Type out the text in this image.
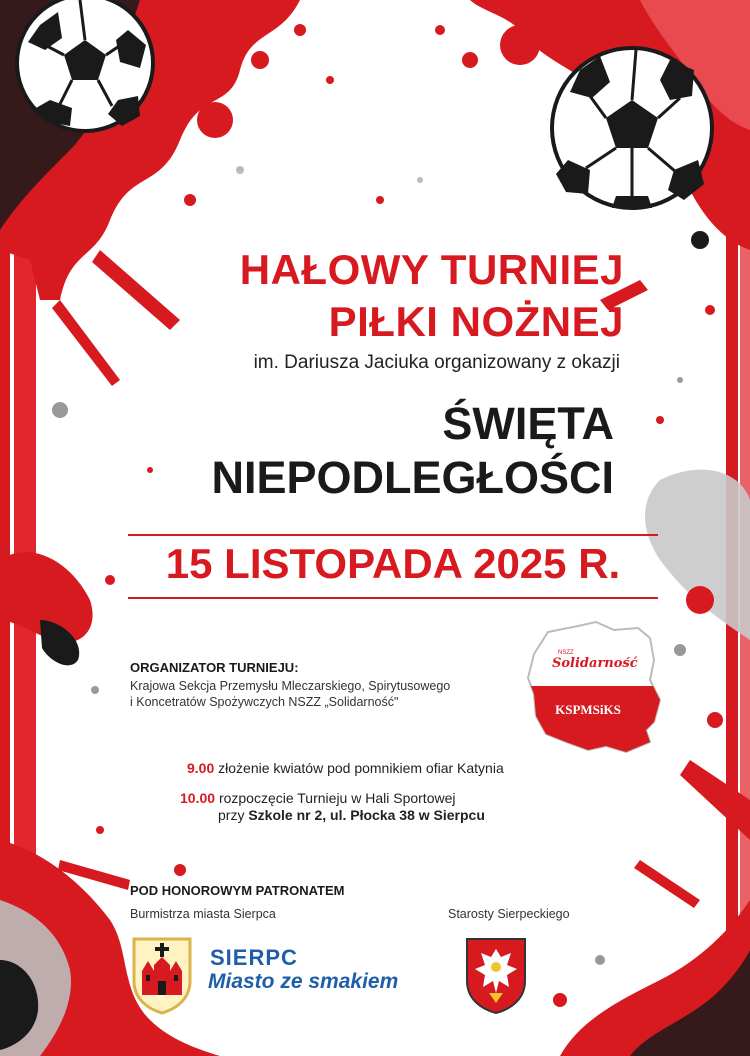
HAŁOWY TURNIEJ
PIŁKI NOŻNEJ

im. Dariusza Jaciuka organizowany z okazji

ŚWIĘTA
NIEPODLEGŁOŚCI

15 LISTOPADA 2025 R.

ORGANIZATOR TURNIEJU:

Krajowa Sekcja Przemysłu Mleczarskiego, Spirytusowego

i Koncetratów Spożywczych NSZZ „Solidarność"

NSZZ
Solidarność
KSPMSiKS

9.00 złożenie kwiatów pod pomnikiem ofiar Katynia

10.00 rozpoczęcie Turnieju w Hali Sportowej

przy Szkole nr 2, ul. Płocka 38 w Sierpcu

POD HONOROWYM PATRONATEM

Burmistrza miasta Sierpca	Starosty Sierpeckiego

SIERPC

Miasto ze smakiem
